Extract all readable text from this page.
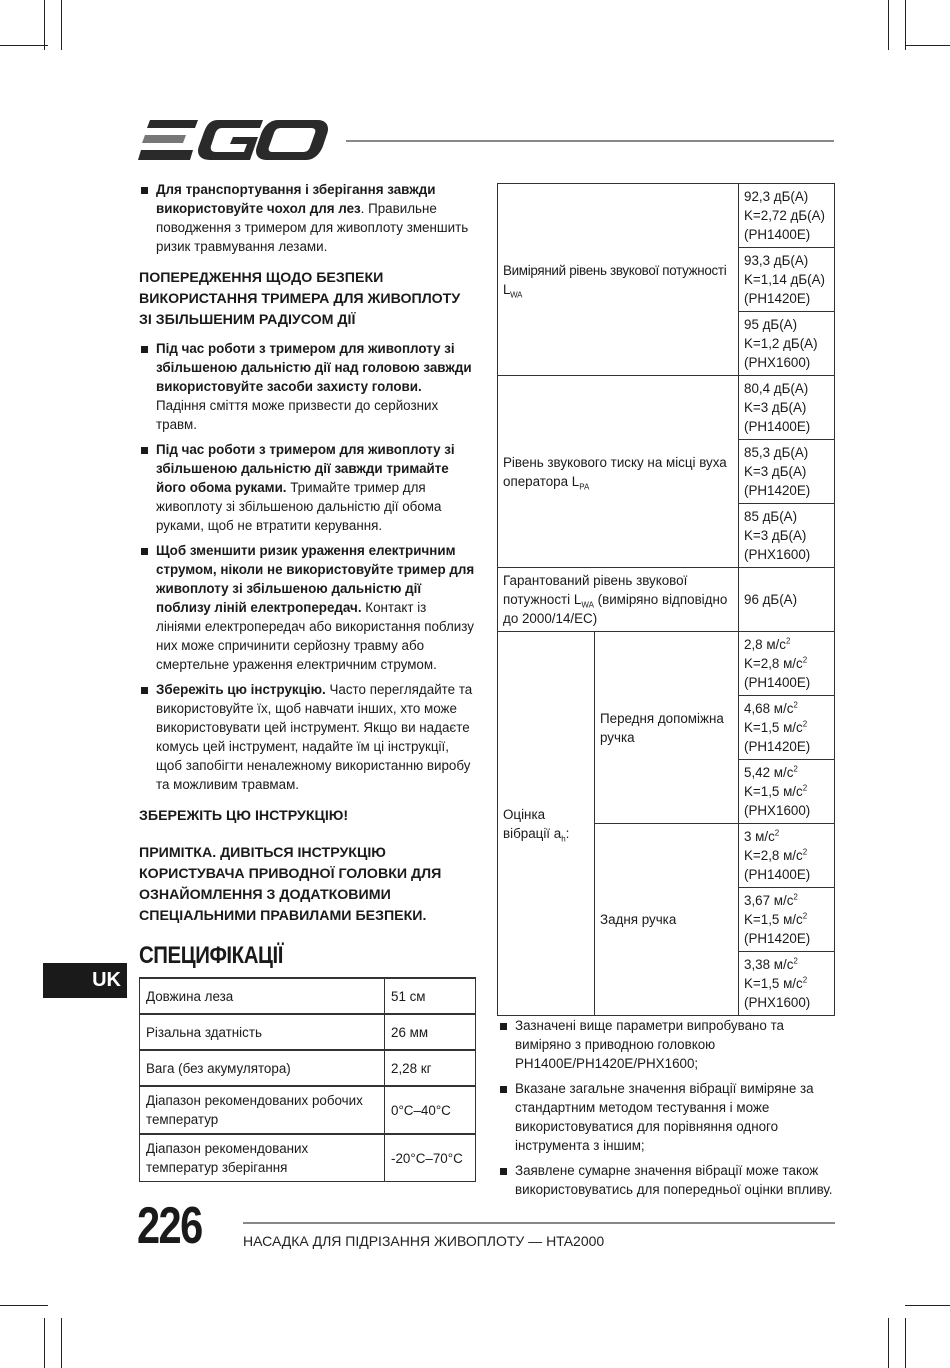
Для транспортування і зберігання завжди використовуйте чохол для лез. Правильне поводження з тримером для живоплоту зменшить ризик травмування лезами.
ПОПЕРЕДЖЕННЯ ЩОДО БЕЗПЕКИ ВИКОРИСТАННЯ ТРИМЕРА ДЛЯ ЖИВОПЛОТУ ЗІ ЗБІЛЬШЕНИМ РАДІУСОМ ДІЇ
Під час роботи з тримером для живоплоту зі збільшеною дальністю дії над головою завжди використовуйте засоби захисту голови. Падіння сміття може призвести до серйозних травм.
Під час роботи з тримером для живоплоту зі збільшеною дальністю дії завжди тримайте його обома руками. Тримайте тример для живоплоту зі збільшеною дальністю дії обома руками, щоб не втратити керування.
Щоб зменшити ризик ураження електричним струмом, ніколи не використовуйте тример для живоплоту зі збільшеною дальністю дії поблизу ліній електропередач. Контакт із лініями електропередач або використання поблизу них може спричинити серйозну травму або смертельне ураження електричним струмом.
Збережіть цю інструкцію. Часто переглядайте та використовуйте їх, щоб навчати інших, хто може використовувати цей інструмент. Якщо ви надаєте комусь цей інструмент, надайте їм ці інструкції, щоб запобігти неналежному використанню виробу та можливим травмам.
ЗБЕРЕЖІТЬ ЦЮ ІНСТРУКЦІЮ!
ПРИМІТКА. ДИВІТЬСЯ ІНСТРУКЦІЮ КОРИСТУВАЧА ПРИВОДНОЇ ГОЛОВКИ ДЛЯ ОЗНАЙОМЛЕННЯ З ДОДАТКОВИМИ СПЕЦІАЛЬНИМИ ПРАВИЛАМИ БЕЗПЕКИ.
СПЕЦИФІКАЦІЇ
Довжина леза	51 см
Різальна здатність	26 мм
Вага (без акумулятора)	2,28 кг
Діапазон рекомендованих робочих температур	0°C–40°C
Діапазон рекомендованих температур зберігання	-20°C–70°C
Виміряний рівень звукової потужності $L_{WA}$		92,3 дБ(A)
K=2,72 дБ(A)
(PH1400E)

		93,3 дБ(A)
K=1,14 дБ(A)
(PH1420E)

		95 дБ(A)
K=1,2 дБ(A)
(PHX1600)

Рівень звукового тиску на місці вуха оператора $L_{PA}$		80,4 дБ(A)
K=3 дБ(A)
(PH1400E)

		85,3 дБ(A)
K=3 дБ(A)
(PH1420E)

		85 дБ(A)
K=3 дБ(A)
(PHX1600)

Гарантований рівень звукової потужності $L_{WA}$ (виміряно відповідно до 2000/14/EC)		96 дБ(A)
Оцінка вібрації $a_h$:	Передня допоміжна ручка	2,8 $м/с^2$
K=2,8 $м/с^2$
(PH1400E)

		4,68 $м/с^2$
K=1,5 $м/с^2$
(PH1420E)

		5,42 $м/с^2$
K=1,5 $м/с^2$
(PHX1600)

	Задня ручка	3 $м/с^2$
K=2,8 $м/с^2$
(PH1400E)

		3,67 $м/с^2$
K=1,5 $м/с^2$
(PH1420E)

		3,38 $м/с^2$
K=1,5 $м/с^2$
(PHX1600)
Зазначені вище параметри випробувано та виміряно з приводною головкою PH1400E/PH1420E/PHX1600;
Вказане загальне значення вібрації виміряне за стандартним методом тестування і може використовуватися для порівняння одного інструмента з іншим;
Заявлене сумарне значення вібрації може також використовуватись для попередньої оцінки впливу.
UK
226	НАСАДКА ДЛЯ ПІДРІЗАННЯ ЖИВОПЛОТУ — HTA2000
